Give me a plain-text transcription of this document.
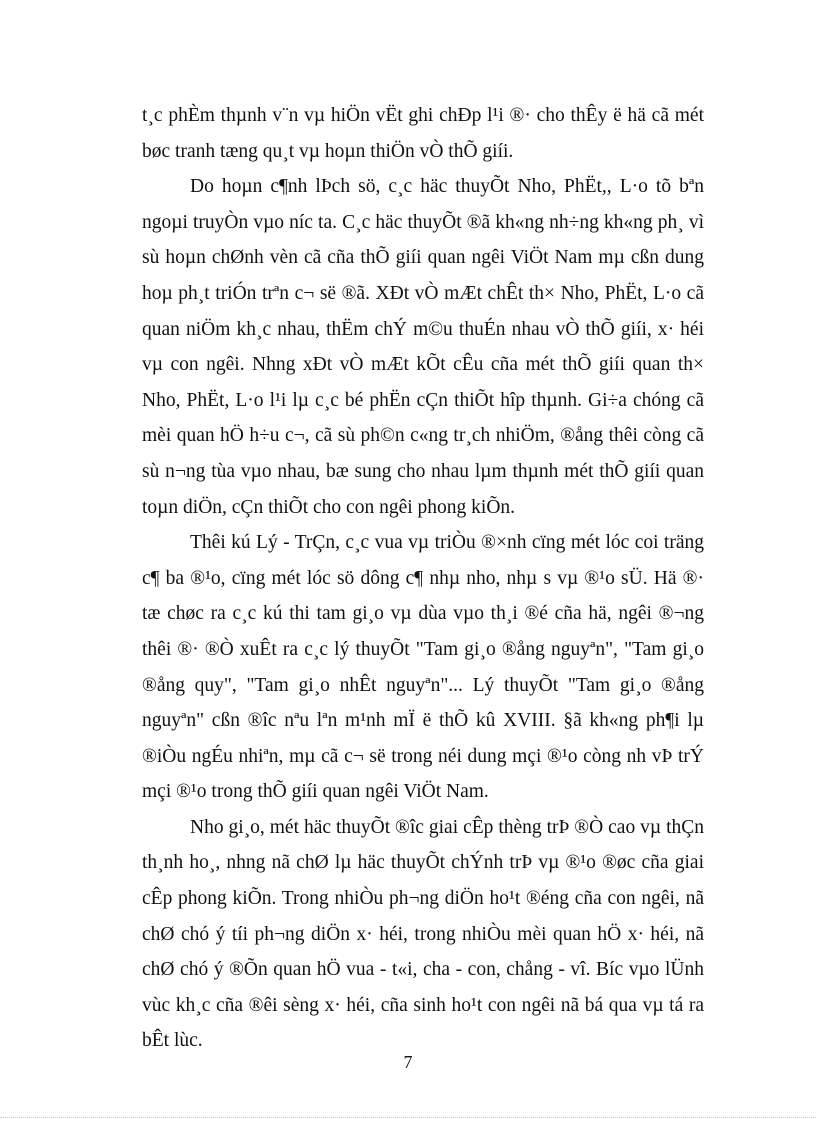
t¸c phÈm thµnh v¨n vµ hiÖn vËt ghi chÐp l¹i ®· cho thÊy ë hä cã mét bøc tranh tæng qu¸t vµ hoµn thiÖn vÒ thÕ giíi.

Do hoµn c¶nh lÞch sö, c¸c häc thuyÕt Nho, PhËt,, L·o tõ bªn ngoµi truyÒn vµo níc ta. C¸c häc thuyÕt ®ã kh«ng nh÷ng kh«ng ph¸ vì sù hoµn chØnh vèn cã cña thÕ giíi quan ngêi ViÖt Nam mµ cßn dung hoµ ph¸t triÓn trªn c¬ së ®ã. XÐt vÒ mÆt chÊt th× Nho, PhËt, L·o cã quan niÖm kh¸c nhau, thËm chÝ m©u thuÉn nhau vÒ thÕ giíi, x· héi vµ con ngêi. Nhng xÐt vÒ mÆt kÕt cÊu cña mét thÕ giíi quan th× Nho, PhËt, L·o l¹i lµ c¸c bé phËn cÇn thiÕt hîp thµnh. Gi÷a chóng cã mèi quan hÖ h÷u c¬, cã sù ph©n c«ng tr¸ch nhiÖm, ®ång thêi còng cã sù n¬ng tùa vµo nhau, bæ sung cho nhau lµm thµnh mét thÕ giíi quan toµn diÖn, cÇn thiÕt cho con ngêi phong kiÕn.

Thêi kú Lý - TrÇn, c¸c vua vµ triÒu ®×nh cïng mét lóc coi träng c¶ ba ®¹o, cïng mét lóc sö dông c¶ nhµ nho, nhµ s vµ ®¹o sÜ. Hä ®· tæ chøc ra c¸c kú thi tam gi¸o vµ dùa vµo th¸i ®é cña hä, ngêi ®¬ng thêi ®· ®Ò xuÊt ra c¸c lý thuyÕt "Tam gi¸o ®ång nguyªn", "Tam gi¸o ®ång quy", "Tam gi¸o nhÊt nguyªn"... Lý thuyÕt "Tam gi¸o ®ång nguyªn" cßn ®îc nªu lªn m¹nh mÏ ë thÕ kû XVIII. §ã kh«ng ph¶i lµ ®iÒu ngÉu nhiªn, mµ cã c¬ së trong néi dung mçi ®¹o còng nh vÞ trÝ mçi ®¹o trong thÕ giíi quan ngêi ViÖt Nam.

Nho gi¸o, mét häc thuyÕt ®îc giai cÊp thèng trÞ ®Ò cao vµ thÇn th¸nh ho¸, nhng nã chØ lµ häc thuyÕt chÝnh trÞ vµ ®¹o ®øc cña giai cÊp phong kiÕn. Trong nhiÒu ph¬ng diÖn ho¹t ®éng cña con ngêi, nã chØ chó ý tíi ph¬ng diÖn x· héi, trong nhiÒu mèi quan hÖ x· héi, nã chØ chó ý ®Õn quan hÖ vua - t«i, cha - con, chång - vî. Bíc vµo lÜnh vùc kh¸c cña ®êi sèng x· héi, cña sinh ho¹t con ngêi nã bá qua vµ tá ra bÊt lùc.

7
